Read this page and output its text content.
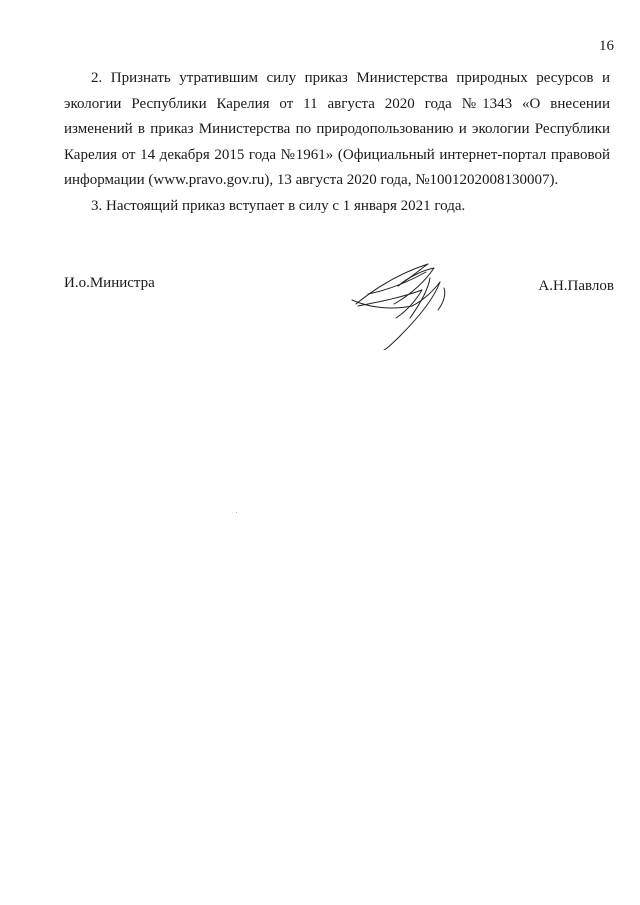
16

2. Признать утратившим силу приказ Министерства природных ресурсов и экологии Республики Карелия от 11 августа 2020 года №1343 «О внесении изменений в приказ Министерства по природопользованию и экологии Республики Карелия от 14 декабря 2015 года №1961» (Официальный интернет-портал правовой информации (www.pravo.gov.ru), 13 августа 2020 года, №1001202008130007).

3. Настоящий приказ вступает в силу с 1 января 2021 года.

И.о.Министра	А.Н.Павлов
